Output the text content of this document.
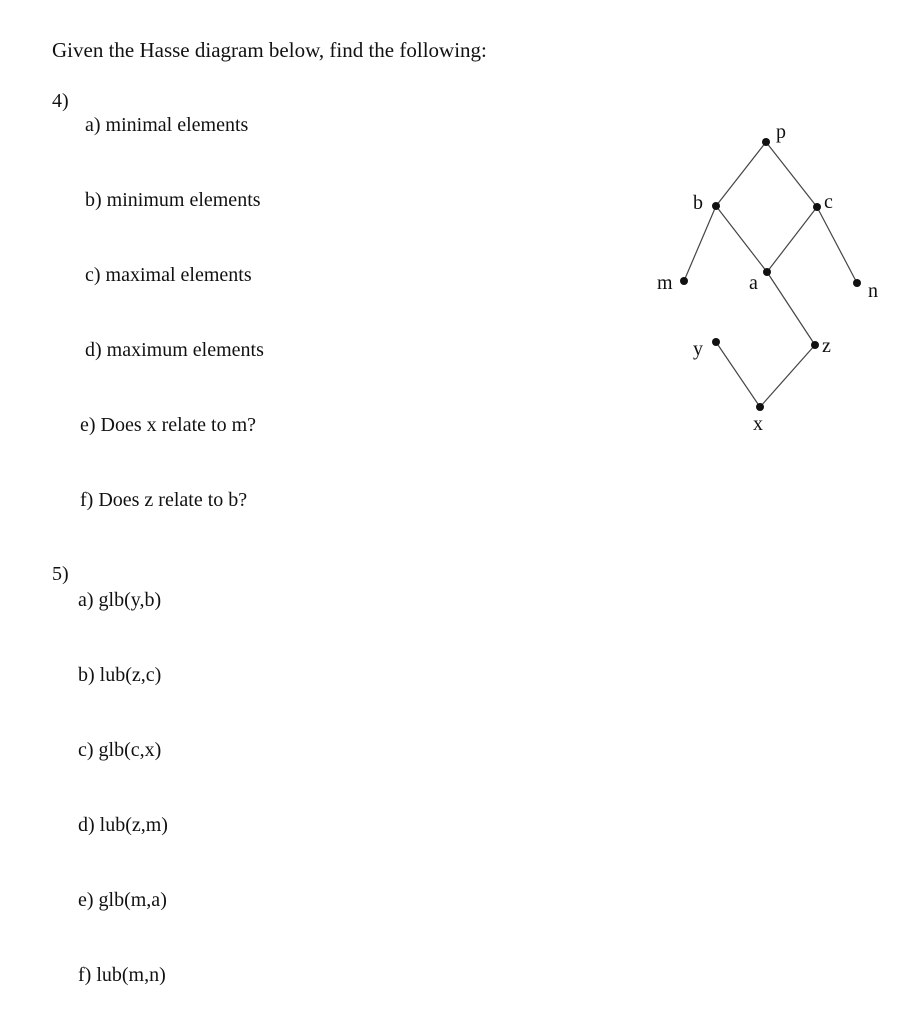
Given the Hasse diagram below, find the following:
4)
a) minimal elements
b) minimum elements
c) maximal elements
d) maximum elements
e) Does x relate to m?
f) Does z relate to b?
5)
a) glb(y,b)
b) lub(z,c)
c) glb(c,x)
d) lub(z,m)
e) glb(m,a)
f) lub(m,n)
p
b	c
m	a	n
y	z
x
